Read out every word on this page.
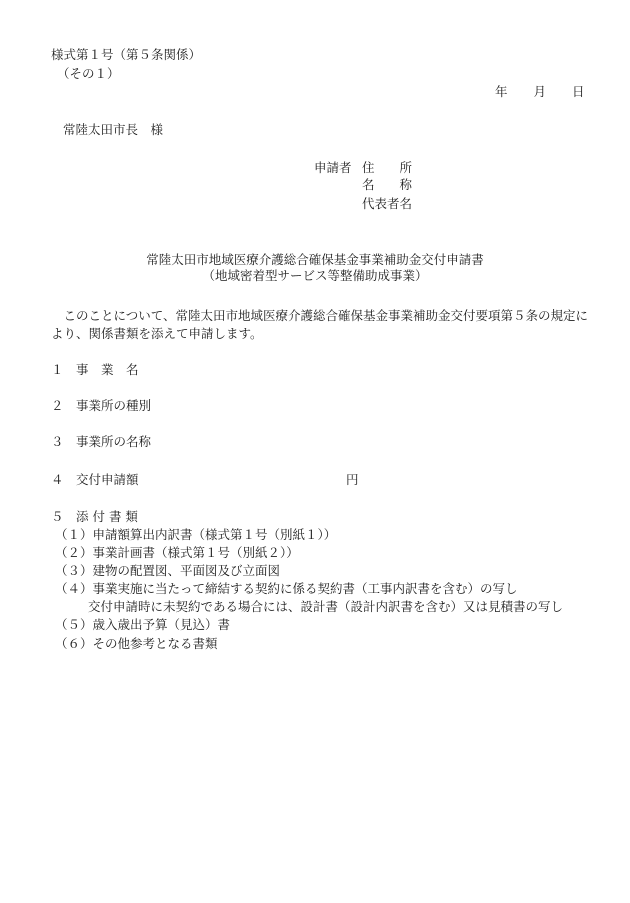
様式第１号（第５条関係）
（その１）
年 月 日
常陸太田市長　様
申請者 住　　所
名　　称
代表者名
常陸太田市地域医療介護総合確保基金事業補助金交付申請書
（地域密着型サービス等整備助成事業）
　このことについて、常陸太田市地域医療介護総合確保基金事業補助金交付要項第５条の規定により、関係書類を添えて申請します。
１ 事　業　名
２ 事業所の種別
３ 事業所の名称
４ 交付申請額	円
５ 添 付 書 類
（１）申請額算出内訳書（様式第１号（別紙１））
（２）事業計画書（様式第１号（別紙２））
（３）建物の配置図、平面図及び立面図
（４）事業実施に当たって締結する契約に係る契約書（工事内訳書を含む）の写し
交付申請時に未契約である場合には、設計書（設計内訳書を含む）又は見積書の写し
（５）歳入歳出予算（見込）書
（６）その他参考となる書類
